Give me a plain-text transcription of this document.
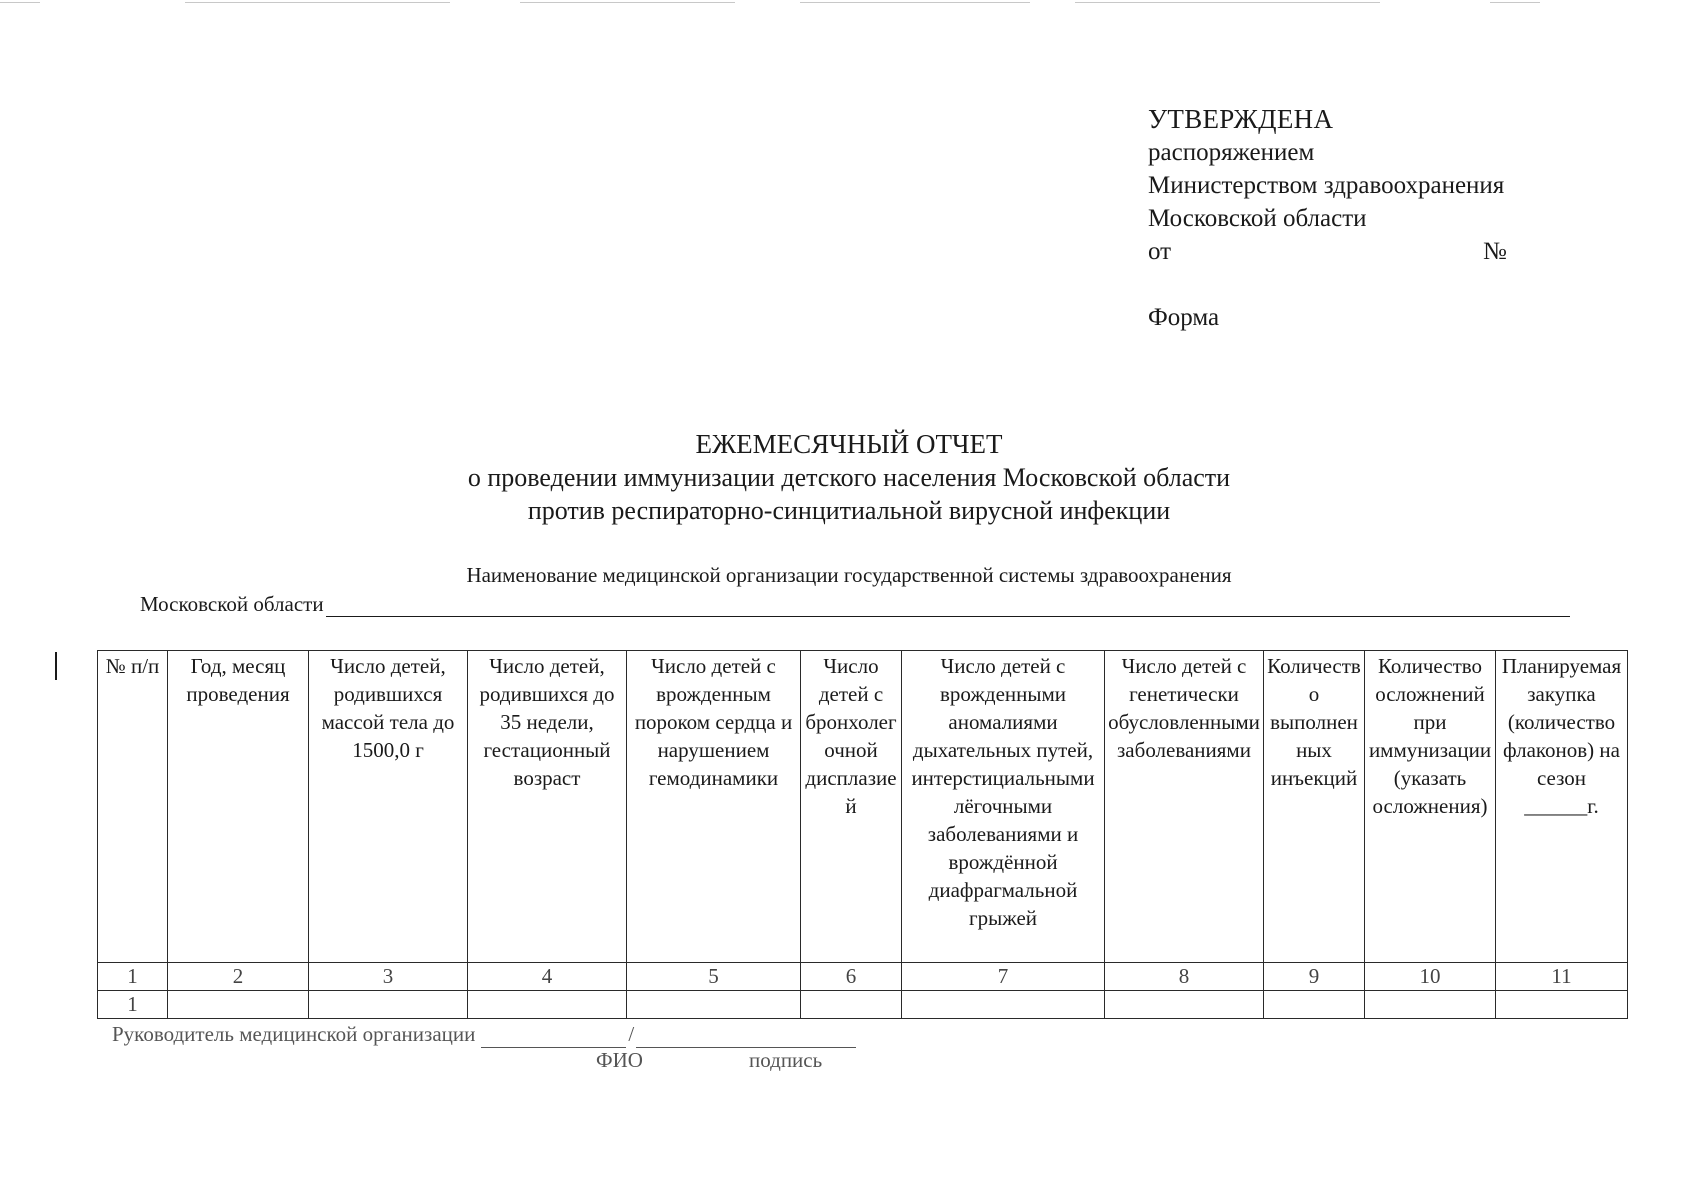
УТВЕРЖДЕНА
распоряжением
Министерством здравоохранения
Московской области
от	№
Форма
ЕЖЕМЕСЯЧНЫЙ ОТЧЕТ
о проведении иммунизации детского населения Московской области
против респираторно-синцитиальной вирусной инфекции
Наименование медицинской организации государственной системы здравоохранения
Московской области
№ п/п	Год, месяц проведения	Число детей, родившихся массой тела до 1500,0 г	Число детей, родившихся до 35 недели, гестационный возраст	Число детей с врожденным пороком сердца и нарушением гемодинамики	Число детей с бронхолегочной дисплазией	Число детей с врожденными аномалиями дыхательных путей, интерстициальными лёгочными заболеваниями и врождённой диафрагмальной грыжей	Число детей с генетически обусловленными заболеваниями	Количество выполненных инъекций	Количество осложнений при иммунизации (указать осложнения)	Планируемая закупка (количество флаконов) на сезон ______г.
1	2	3	4	5	6	7	8	9	10	11
1										
Руководитель медицинской организации	/
ФИО	подпись
